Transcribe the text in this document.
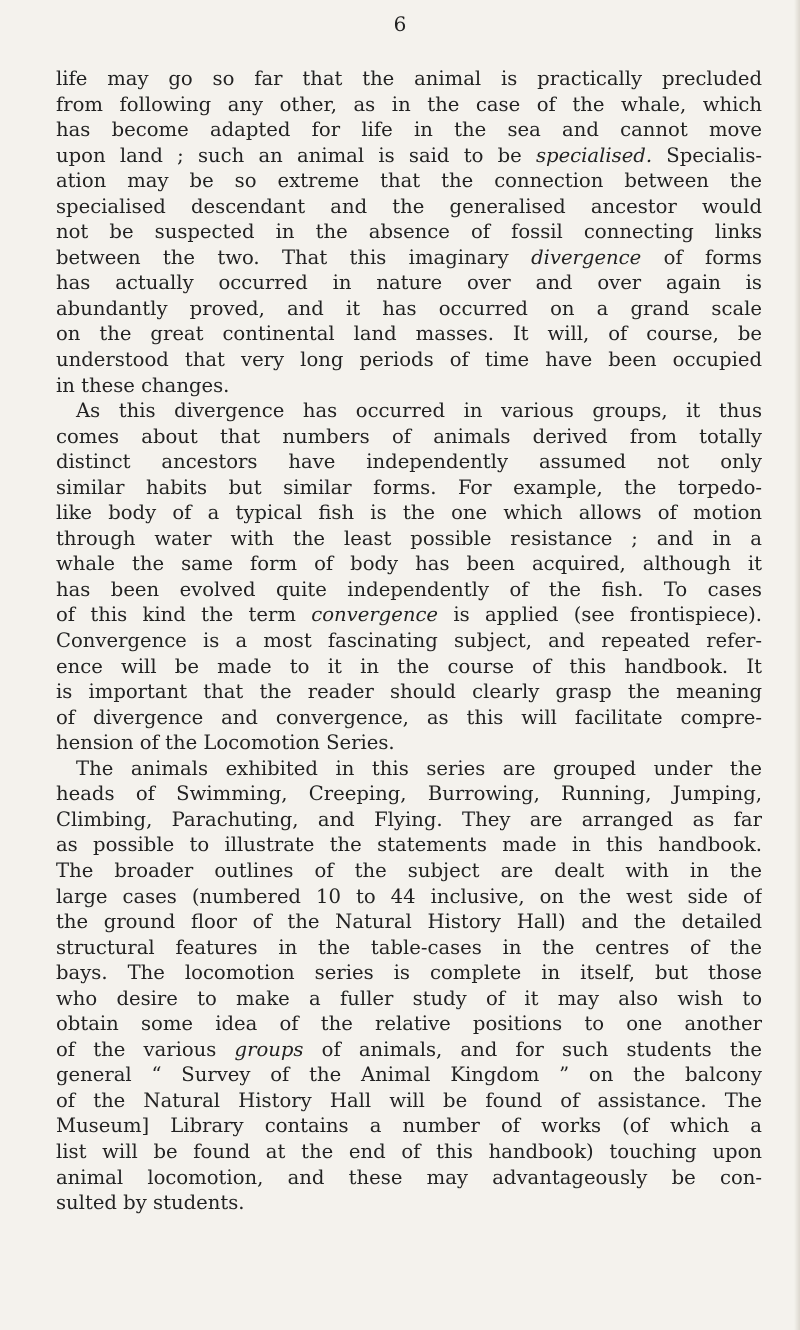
6
life may go so far that the animal is practically precluded
from following any other, as in the case of the whale, which
has become adapted for life in the sea and cannot move
upon land ; such an animal is said to be specialised. Specialis-
ation may be so extreme that the connection between the
specialised descendant and the generalised ancestor would
not be suspected in the absence of fossil connecting links
between the two. That this imaginary divergence of forms
has actually occurred in nature over and over again is
abundantly proved, and it has occurred on a grand scale
on the great continental land masses. It will, of course, be
understood that very long periods of time have been occupied
in these changes.
As this divergence has occurred in various groups, it thus
comes about that numbers of animals derived from totally
distinct ancestors have independently assumed not only
similar habits but similar forms. For example, the torpedo-
like body of a typical fish is the one which allows of motion
through water with the least possible resistance ; and in a
whale the same form of body has been acquired, although it
has been evolved quite independently of the fish. To cases
of this kind the term convergence is applied (see frontispiece).
Convergence is a most fascinating subject, and repeated refer-
ence will be made to it in the course of this handbook. It
is important that the reader should clearly grasp the meaning
of divergence and convergence, as this will facilitate compre-
hension of the Locomotion Series.
The animals exhibited in this series are grouped under the
heads of Swimming, Creeping, Burrowing, Running, Jumping,
Climbing, Parachuting, and Flying. They are arranged as far
as possible to illustrate the statements made in this handbook.
The broader outlines of the subject are dealt with in the
large cases (numbered 10 to 44 inclusive, on the west side of
the ground floor of the Natural History Hall) and the detailed
structural features in the table-cases in the centres of the
bays. The locomotion series is complete in itself, but those
who desire to make a fuller study of it may also wish to
obtain some idea of the relative positions to one another
of the various groups of animals, and for such students the
general “ Survey of the Animal Kingdom ” on the balcony
of the Natural History Hall will be found of assistance. The
Museum] Library contains a number of works (of which a
list will be found at the end of this handbook) touching upon
animal locomotion, and these may advantageously be con-
sulted by students.
